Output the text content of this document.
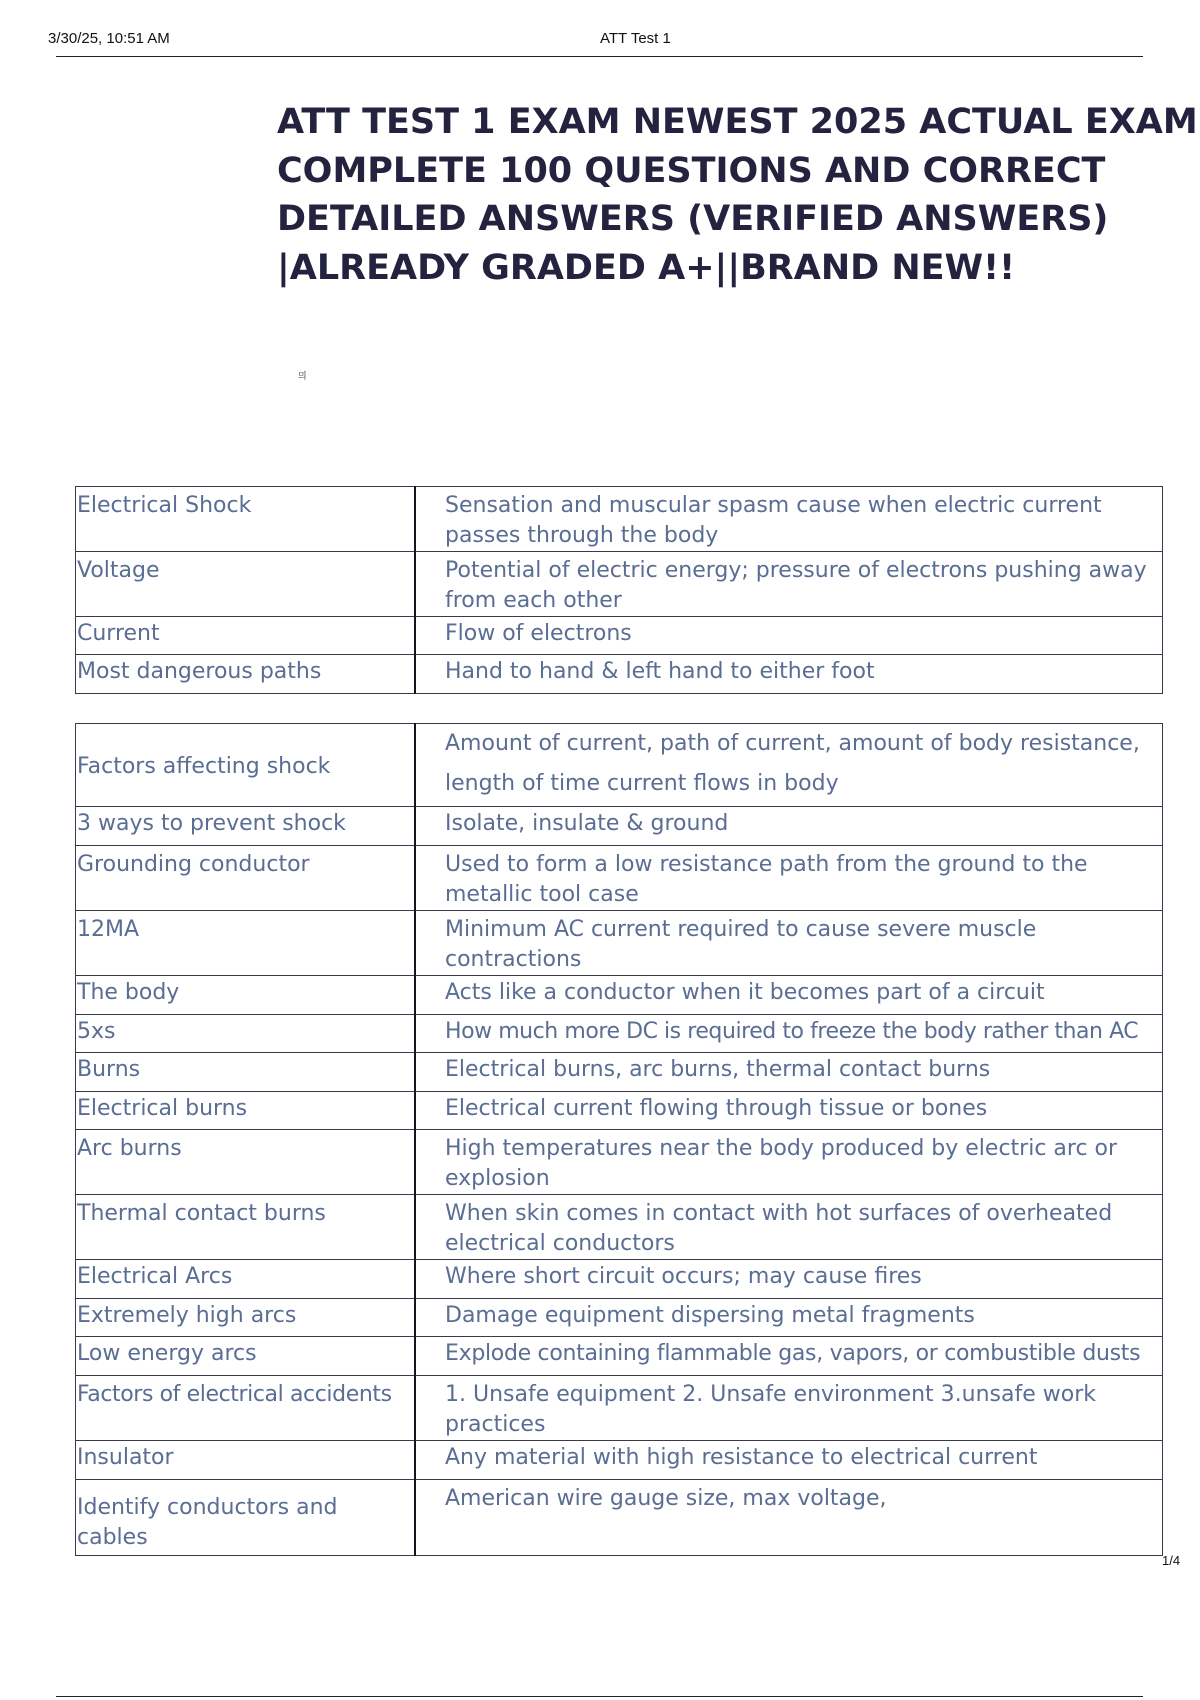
3/30/25, 10:51 AM	ATT Test 1
ATT TEST 1 EXAM NEWEST 2025 ACTUAL EXAM
COMPLETE 100 QUESTIONS AND CORRECT
DETAILED ANSWERS (VERIFIED ANSWERS)
|ALREADY GRADED A+||BRAND NEW!!
믜
Electrical Shock	Sensation and muscular spasm cause when electric current passes through the body

Voltage	Potential of electric energy; pressure of electrons pushing away from each other

Current	Flow of electrons

Most dangerous paths	Hand to hand & left hand to either foot
Factors affecting shock	Amount of current, path of current, amount of body resistance, length of time current flows in body

3 ways to prevent shock	Isolate, insulate & ground

Grounding conductor	Used to form a low resistance path from the ground to the metallic tool case

12MA	Minimum AC current required to cause severe muscle contractions

The body	Acts like a conductor when it becomes part of a circuit

5xs	How much more DC is required to freeze the body rather than AC

Burns	Electrical burns, arc burns, thermal contact burns

Electrical burns	Electrical current flowing through tissue or bones

Arc burns	High temperatures near the body produced by electric arc or explosion

Thermal contact burns	When skin comes in contact with hot surfaces of overheated electrical conductors

Electrical Arcs	Where short circuit occurs; may cause fires

Extremely high arcs	Damage equipment dispersing metal fragments

Low energy arcs	Explode containing flammable gas, vapors, or combustible dusts

Factors of electrical accidents	1. Unsafe equipment 2. Unsafe environment 3.unsafe work practices

Insulator	Any material with high resistance to electrical current

Identify conductors and cables	American wire gauge size, max voltage,
1/4
